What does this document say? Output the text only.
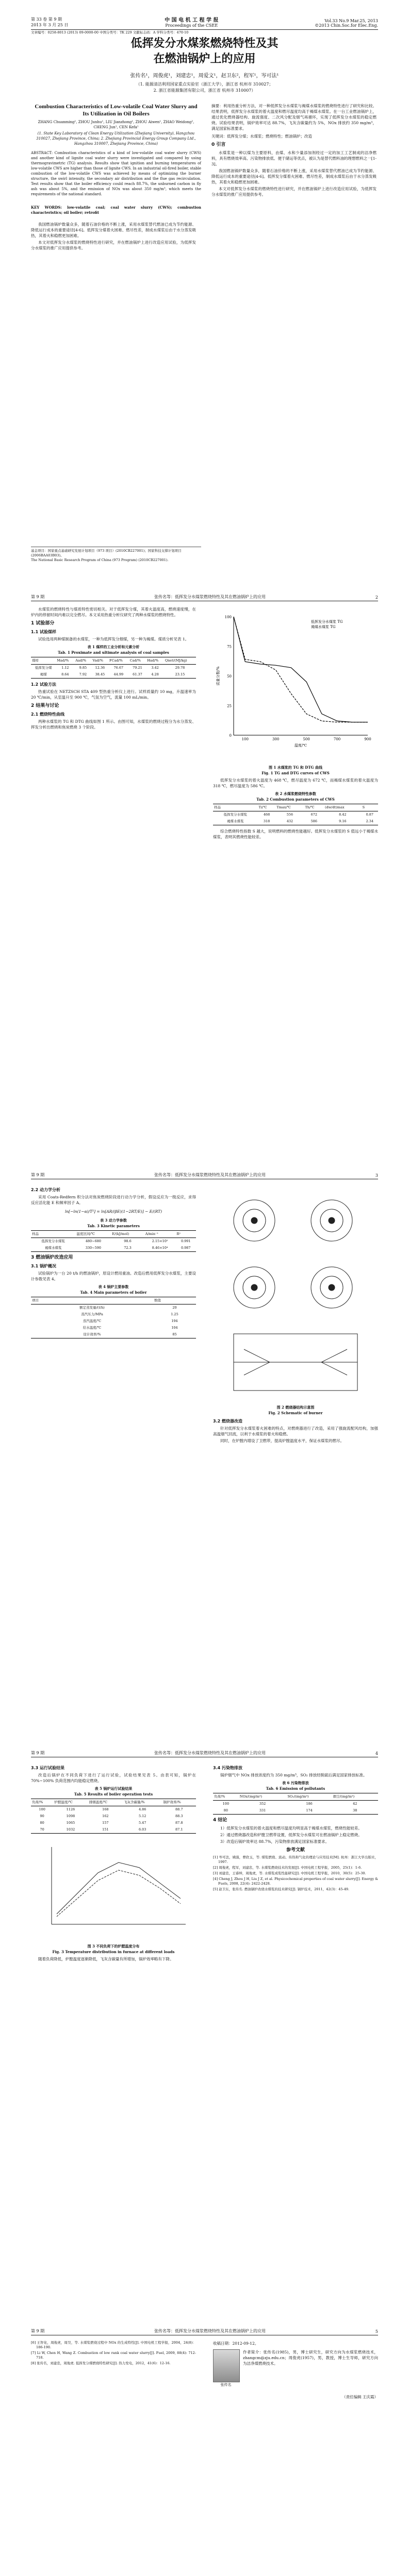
第 33 卷 第 9 期
2013 年 3 月 25 日
中 国 电 机 工 程 学 报
Proceedings of the CSEE
Vol.33 No.9 Mar.25, 2013
©2013 Chin.Soc.for Elec.Eng.
文章编号：0258-8013 (2013) 09-0000-00 中图分类号：TK 229 文献标志码：A 学科分类号：470·10
低挥发分水煤浆燃烧特性及其
在燃油锅炉上的应用
张传名¹，周俊虎¹，刘建忠¹，周爱文¹，赵卫东²，程军¹，岑可法¹
（1. 能源清洁利用国家重点实验室（浙江大学），浙江省 杭州市 310027；
2. 浙江省能源集团有限公司，浙江省 杭州市 310007）
Combustion Characteristics of Low-volatile Coal Water Slurry and Its Utilization in Oil Boilers
ZHANG Chuanming¹, ZHOU Junhu¹, LIU Jianzhong¹, ZHOU Aiwen¹, ZHAO Weidong², CHENG Jun¹, CEN Kefa¹
(1. State Key Laboratory of Clean Energy Utilization (Zhejiang University), Hangzhou 310027, Zhejiang Province, China; 2. Zhejiang Provincial Energy Group Company Ltd., Hangzhou 310007, Zhejiang Province, China)
ABSTRACT: Combustion characteristics of a kind of low-volatile coal water slurry (CWS) and another kind of lignite coal water slurry were investigated and compared by using thermogravimetric (TG) analysis. Results show that ignition and burning temperatures of low-volatile CWS are higher than those of lignite CWS. In an industrial oil-fired boiler, stable combustion of the low-volatile CWS was achieved by means of optimizing the burner structure, the swirl intensity, the secondary air distribution and the flue gas recirculation. Test results show that the boiler efficiency could reach 88.7%, the unburned carbon in fly ash was about 5%, and the emission of NOx was about 350 mg/m³, which meets the requirements of the national standard.
KEY WORDS: low-volatile coal; coal water slurry (CWS); combustion characteristics; oil boiler; retrofit

摘要：利用热重分析方法，对一种低挥发分水煤浆与褐煤水煤浆的燃烧特性进行了研究和比较。结果表明，低挥发分水煤浆的着火温度和燃尽温度均高于褐煤水煤浆。在一台工业燃油锅炉上，通过优化燃烧器结构、旋流强度、二次风分配及烟气再循环，实现了低挥发分水煤浆的稳定燃烧。试验结果表明，锅炉效率可达 88.7%，飞灰含碳量约为 5%，NOx 排放约 350 mg/m³，满足国家标准要求。

关键词：低挥发分煤；水煤浆；燃烧特性；燃油锅炉；改造
0 引言

水煤浆是一种以煤为主要原料，由煤、水和少量添加剂经过一定的加工工艺制成的洁净燃料，具有燃烧效率高、污染物排放低、便于储运等优点，被认为是替代燃料油的理想燃料之一[1-3]。

我国燃油锅炉数量众多，随着石油价格的不断上涨，采用水煤浆替代燃油已成为节约能源、降低运行成本的重要途径[4-6]。低挥发分煤着火困难、燃尽性差，制成水煤浆后由于水分蒸发吸热，其着火和稳燃更加困难。

本文对低挥发分水煤浆的燃烧特性进行研究，并在燃油锅炉上进行改造应用试验，为低挥发分水煤浆的推广应用提供参考。

我国燃油锅炉数量众多，随着石油价格的不断上涨，采用水煤浆替代燃油已成为节约能源、降低运行成本的重要途径[4-6]。低挥发分煤着火困难、燃尽性差，制成水煤浆后由于水分蒸发吸热，其着火和稳燃更加困难。

本文对低挥发分水煤浆的燃烧特性进行研究，并在燃油锅炉上进行改造应用试验，为低挥发分水煤浆的推广应用提供参考。

基金项目：国家重点基础研究发展计划项目（973 项目）(2010CB227001)；国家科技支撑计划项目(2006BAA03B03)。
The National Basic Research Program of China (973 Program) (2010CB227001).
第 9 期	张传名等：低挥发分水煤浆燃烧特性及其在燃油锅炉上的应用	2

水煤浆的燃烧特性与煤质特性密切相关。对于低挥发分煤，其着火温度高，燃烧速度慢，在炉内的停留时间内难以完全燃尽。本文采用热重分析仪研究了两种水煤浆的燃烧特性。

1 试验部分
1.1 试验煤样

试验选用两种煤制备的水煤浆，一种为低挥发分烟煤，另一种为褐煤。煤质分析见表 1。

表 1 煤样的工业分析和元素分析
Tab. 1 Proximate and ultimate analysis of coal samples
煤样	Mad/%	Aad/%	Vad/%	FCad/%	Cad/%	Had/%	Qnet/(MJ/kg)
低挥发分煤	1.12	9.85	12.36	76.67	79.21	3.42	29.78
褐煤	8.64	7.92	38.45	44.99	61.37	4.28	23.15
1.2 试验方法

热重试验在 NETZSCH STA 409 型热重分析仪上进行。试样质量约 10 mg，升温速率为 20 ℃/min，从室温升至 900 ℃，气氛为空气，流量 100 mL/min。

2 结果与讨论
2.1 燃烧特性曲线

两种水煤浆的 TG 和 DTG 曲线如图 1 所示。由图可知，水煤浆的燃烧过程分为水分蒸发、挥发分析出燃烧和焦炭燃烧 3 个阶段。

0
25
50
75
100
100	300	500	700	900
温度/℃
质量分数/%
低挥发分水煤浆 TG
褐煤水煤浆 TG
图 1 水煤浆的 TG 和 DTG 曲线
Fig. 1 TG and DTG curves of CWS

低挥发分水煤浆的着火温度为 468 ℃，燃尽温度为 672 ℃，而褐煤水煤浆的着火温度为 318 ℃，燃尽温度为 586 ℃。

表 2 水煤浆燃烧特性参数
Tab. 2 Combustion parameters of CWS
样品	Ti/℃	Tmax/℃	Th/℃	(dw/dt)max	S
低挥发分水煤浆	468	556	672	8.42	0.87
褐煤水煤浆	318	432	586	9.16	2.34

综合燃烧特性指数 S 越大，说明燃料的燃烧性能越好。低挥发分水煤浆的 S 值远小于褐煤水煤浆，表明其燃烧性能较差。

第 9 期	张传名等：低挥发分水煤浆燃烧特性及其在燃油锅炉上的应用	3
2.2 动力学分析

采用 Coats-Redfern 积分法对焦炭燃烧阶段进行动力学分析，假设反应为一级反应，求得反应活化能 E 和频率因子 A。

ln[−ln(1−α)/T²] = ln[AR/(βE)(1−2RT/E)] − E/(RT)
表 3 动力学参数
Tab. 3 Kinetic parameters
样品	温度区间/℃	E/(kJ/mol)	A/min⁻¹	R²
低挥发分水煤浆	480~680	98.6	2.15×10⁵	0.991
褐煤水煤浆	330~590	72.3	8.46×10⁴	0.987
3 燃油锅炉改造应用
3.1 锅炉概况

试验锅炉为一台 20 t/h 的燃油锅炉，原设计燃用重油。改造后燃用低挥发分水煤浆，主要设计参数见表 4。

表 4 锅炉主要参数
Tab. 4 Main parameters of boiler
项目	数值
额定蒸发量/(t/h)	20
蒸汽压力/MPa	1.25
蒸汽温度/℃	194
给水温度/℃	104
设计效率/%	85
图 2 燃烧器结构示意图
Fig. 2 Schematic of burner
3.2 燃烧器改造

针对低挥发分水煤浆着火困难的特点，对燃烧器进行了改造，采用了强旋流配风结构，加强高温烟气回流，以利于水煤浆的着火和稳燃。

同时，在炉膛内增设了卫燃带，提高炉膛温度水平，保证水煤浆的燃尽。

第 9 期	张传名等：低挥发分水煤浆燃烧特性及其在燃油锅炉上的应用	4
3.3 运行试验结果

改造后锅炉在不同负荷下进行了运行试验，试验结果见表 5。由表可知，锅炉在 70%~100% 负荷范围内均能稳定燃烧。

表 5 锅炉运行试验结果
Tab. 5 Results of boiler operation tests
负荷/%	炉膛温度/℃	排烟温度/℃	飞灰含碳量/%	锅炉效率/%
100	1126	168	4.86	88.7
90	1098	162	5.12	88.3
80	1065	157	5.47	87.8
70	1032	151	6.03	87.1
图 3 不同负荷下的炉膛温度分布
Fig. 3 Temperature distribution in furnace at different loads

随着负荷降低，炉膛温度逐渐降低，飞灰含碳量有所增加，锅炉效率略有下降。

3.4 污染物排放

锅炉烟气中 NOx 排放浓度约为 350 mg/m³，SO₂ 排放经脱硫后满足国家排放标准。

表 6 污染物排放
Tab. 6 Emission of pollutants
负荷/%	NOx/(mg/m³)	SO₂/(mg/m³)	烟尘/(mg/m³)
100	352	186	42
80	331	174	38
4 结论

1）低挥发分水煤浆的着火温度和燃尽温度均明显高于褐煤水煤浆，燃烧性能较差。

2）通过燃烧器改造和炉膛卫燃带设置，低挥发分水煤浆可在燃油锅炉上稳定燃烧。

3）改造后锅炉效率达 88.7%，污染物排放满足国家标准要求。

参考文献
[1] 岑可法，姚强，曹欣玉，等. 煤浆燃烧、流动、传热和气化的理论与应用技术[M]. 杭州：浙江大学出版社，1997.
[2] 周俊虎，程军，刘建忠，等. 水煤浆燃烧技术的发展[J]. 中国电机工程学报，2005，25(1)：1-6.
[3] 刘建忠，王睿坤，周俊虎，等. 水煤浆成浆性能研究[J]. 中国电机工程学报，2010，30(5)：25-30.
[4] Cheng J, Zhou J H, Liu J Z, et al. Physicochemical properties of coal water slurry[J]. Energy & Fuels, 2008, 22(4): 2422-2428.
[5] 赵卫东，张传名. 燃油锅炉改烧水煤浆的技术研究[J]. 锅炉技术，2011，42(3)：45-49.
第 9 期	张传名等：低挥发分水煤浆燃烧特性及其在燃油锅炉上的应用	5
[6] 王智化，周俊虎，周昊，等. 水煤浆燃烧过程中 NOx 的生成特性[J]. 中国电机工程学报，2004，24(8)：186-190.
[7] Li W, Chen H, Wang Z. Combustion of low rank coal water slurry[J]. Fuel, 2009, 88(4): 712-718.
[8] 张传名，刘建忠，周俊虎. 低挥发分煤燃烧特性研究[J]. 热力发电，2012，41(6)：12-16.
收稿日期：2012-09-12。
张传名
作者简介：张传名(1985)，男，博士研究生，研究方向为水煤浆燃烧技术，zhangcm@zju.edu.cn；周俊虎(1957)，男，教授，博士生导师，研究方向为洁净煤燃烧技术。
（责任编辑 王庆霞）
